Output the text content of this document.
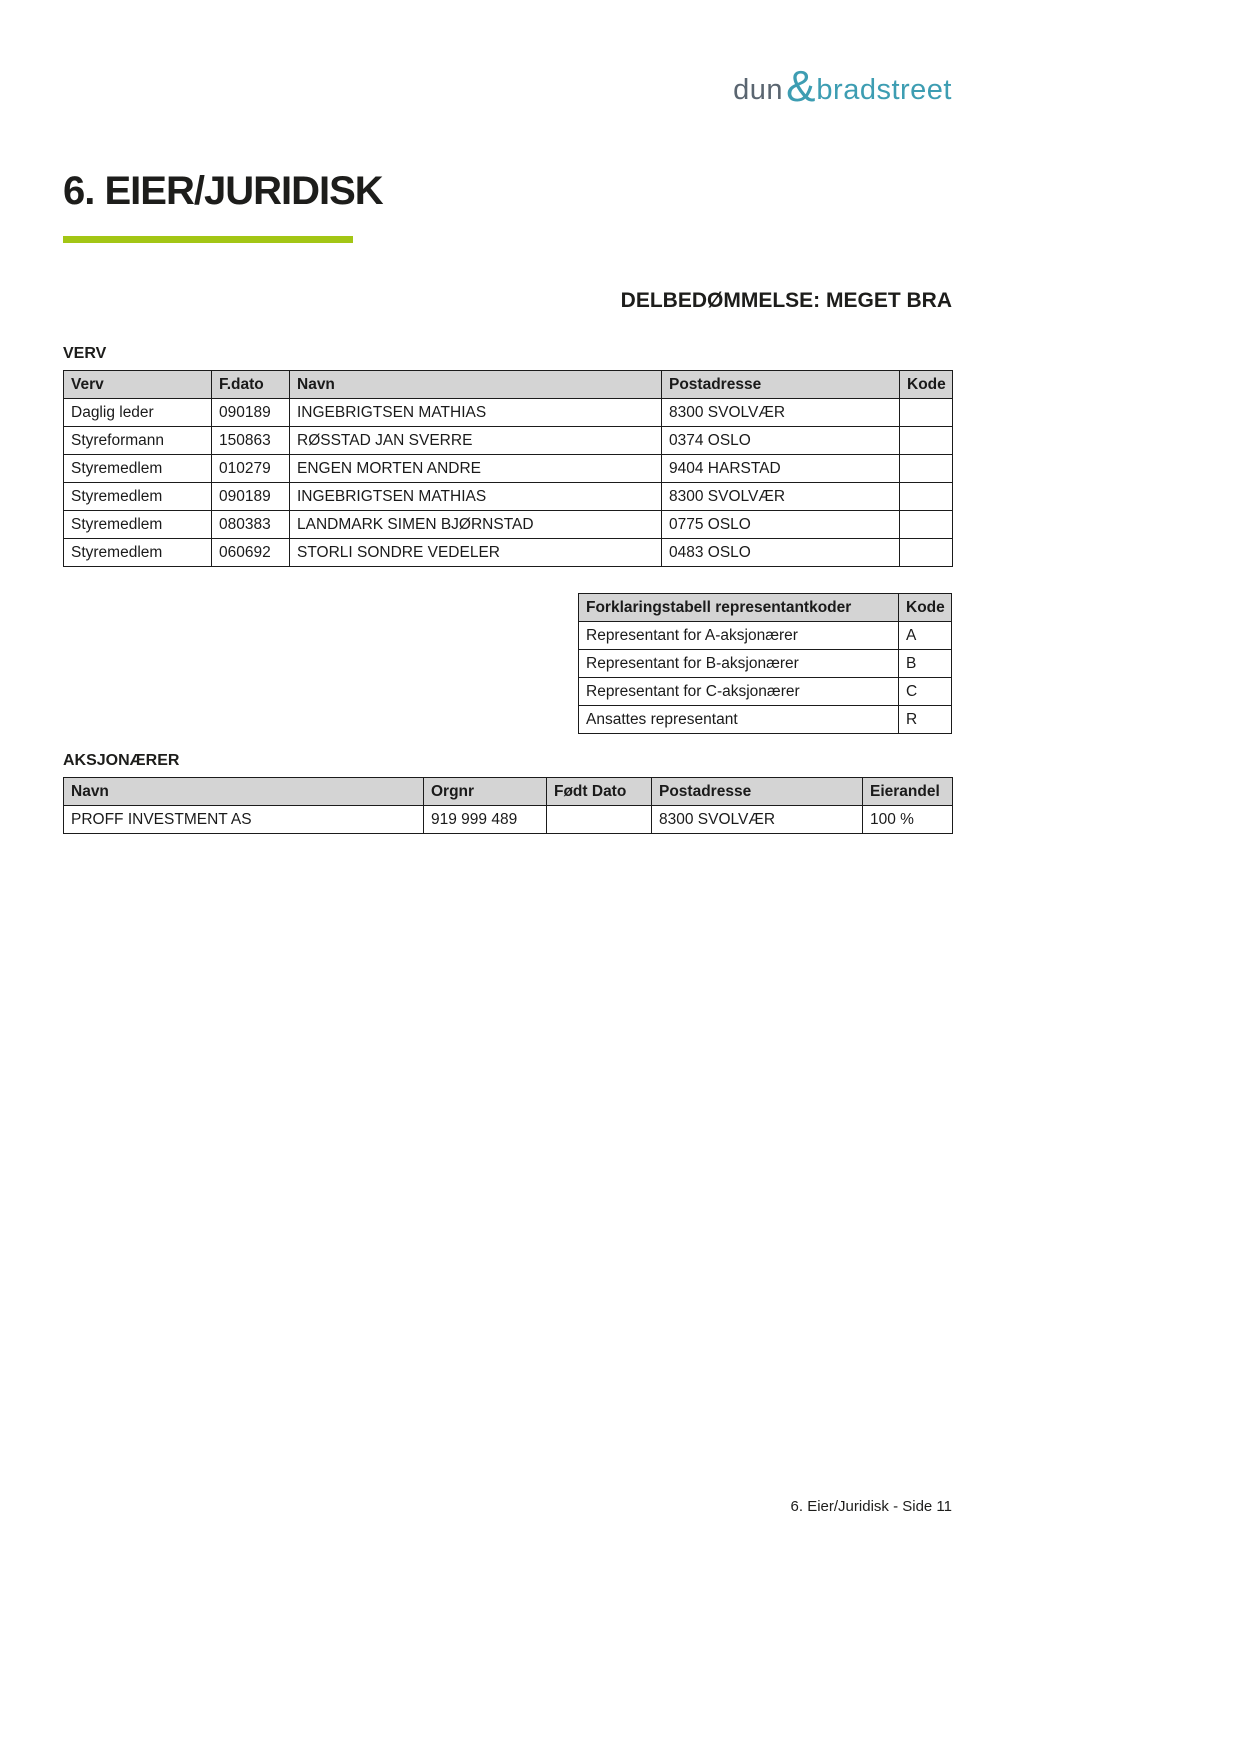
dun&bradstreet
6. EIER/JURIDISK
DELBEDØMMELSE: MEGET BRA
VERV
Verv	F.dato	Navn	Postadresse	Kode
Daglig leder	090189	INGEBRIGTSEN MATHIAS	8300 SVOLVÆR	
Styreformann	150863	RØSSTAD JAN SVERRE	0374 OSLO	
Styremedlem	010279	ENGEN MORTEN ANDRE	9404 HARSTAD	
Styremedlem	090189	INGEBRIGTSEN MATHIAS	8300 SVOLVÆR	
Styremedlem	080383	LANDMARK SIMEN BJØRNSTAD	0775 OSLO	
Styremedlem	060692	STORLI SONDRE VEDELER	0483 OSLO	
Forklaringstabell representantkoder	Kode
Representant for A-aksjonærer	A
Representant for B-aksjonærer	B
Representant for C-aksjonærer	C
Ansattes representant	R
AKSJONÆRER
Navn	Orgnr	Født Dato	Postadresse	Eierandel
PROFF INVESTMENT AS	919 999 489		8300 SVOLVÆR	100 %
6. Eier/Juridisk - Side 11
